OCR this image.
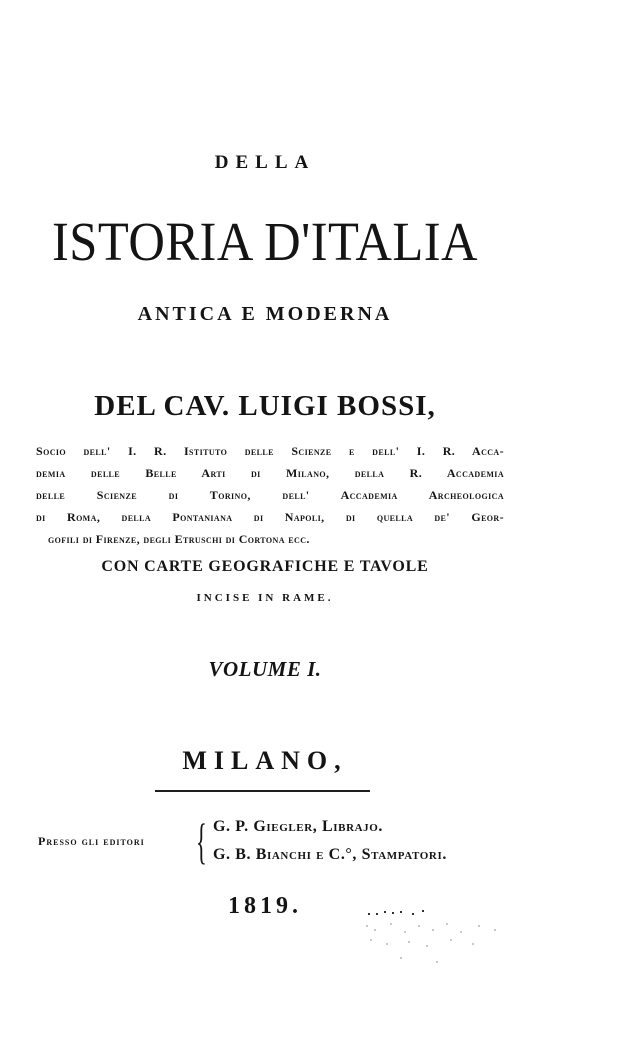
DELLA
ISTORIA D'ITALIA
ANTICA E MODERNA
DEL CAV. LUIGI BOSSI,
Socio dell' I. R. Istituto delle Scienze e dell' I. R. Acca-
demia delle Belle Arti di Milano, della R. Accademia
delle Scienze di Torino, dell' Accademia Archeologica
di Roma, della Pontaniana di Napoli, di quella de' Geor-
gofili di Firenze, degli Etruschi di Cortona ecc.
CON CARTE GEOGRAFICHE E TAVOLE
INCISE IN RAME.
VOLUME I.
MILANO,
Presso gli editori { G. P. Giegler, Librajo.
G. B. Bianchi e C.°, Stampatori.
1819.
